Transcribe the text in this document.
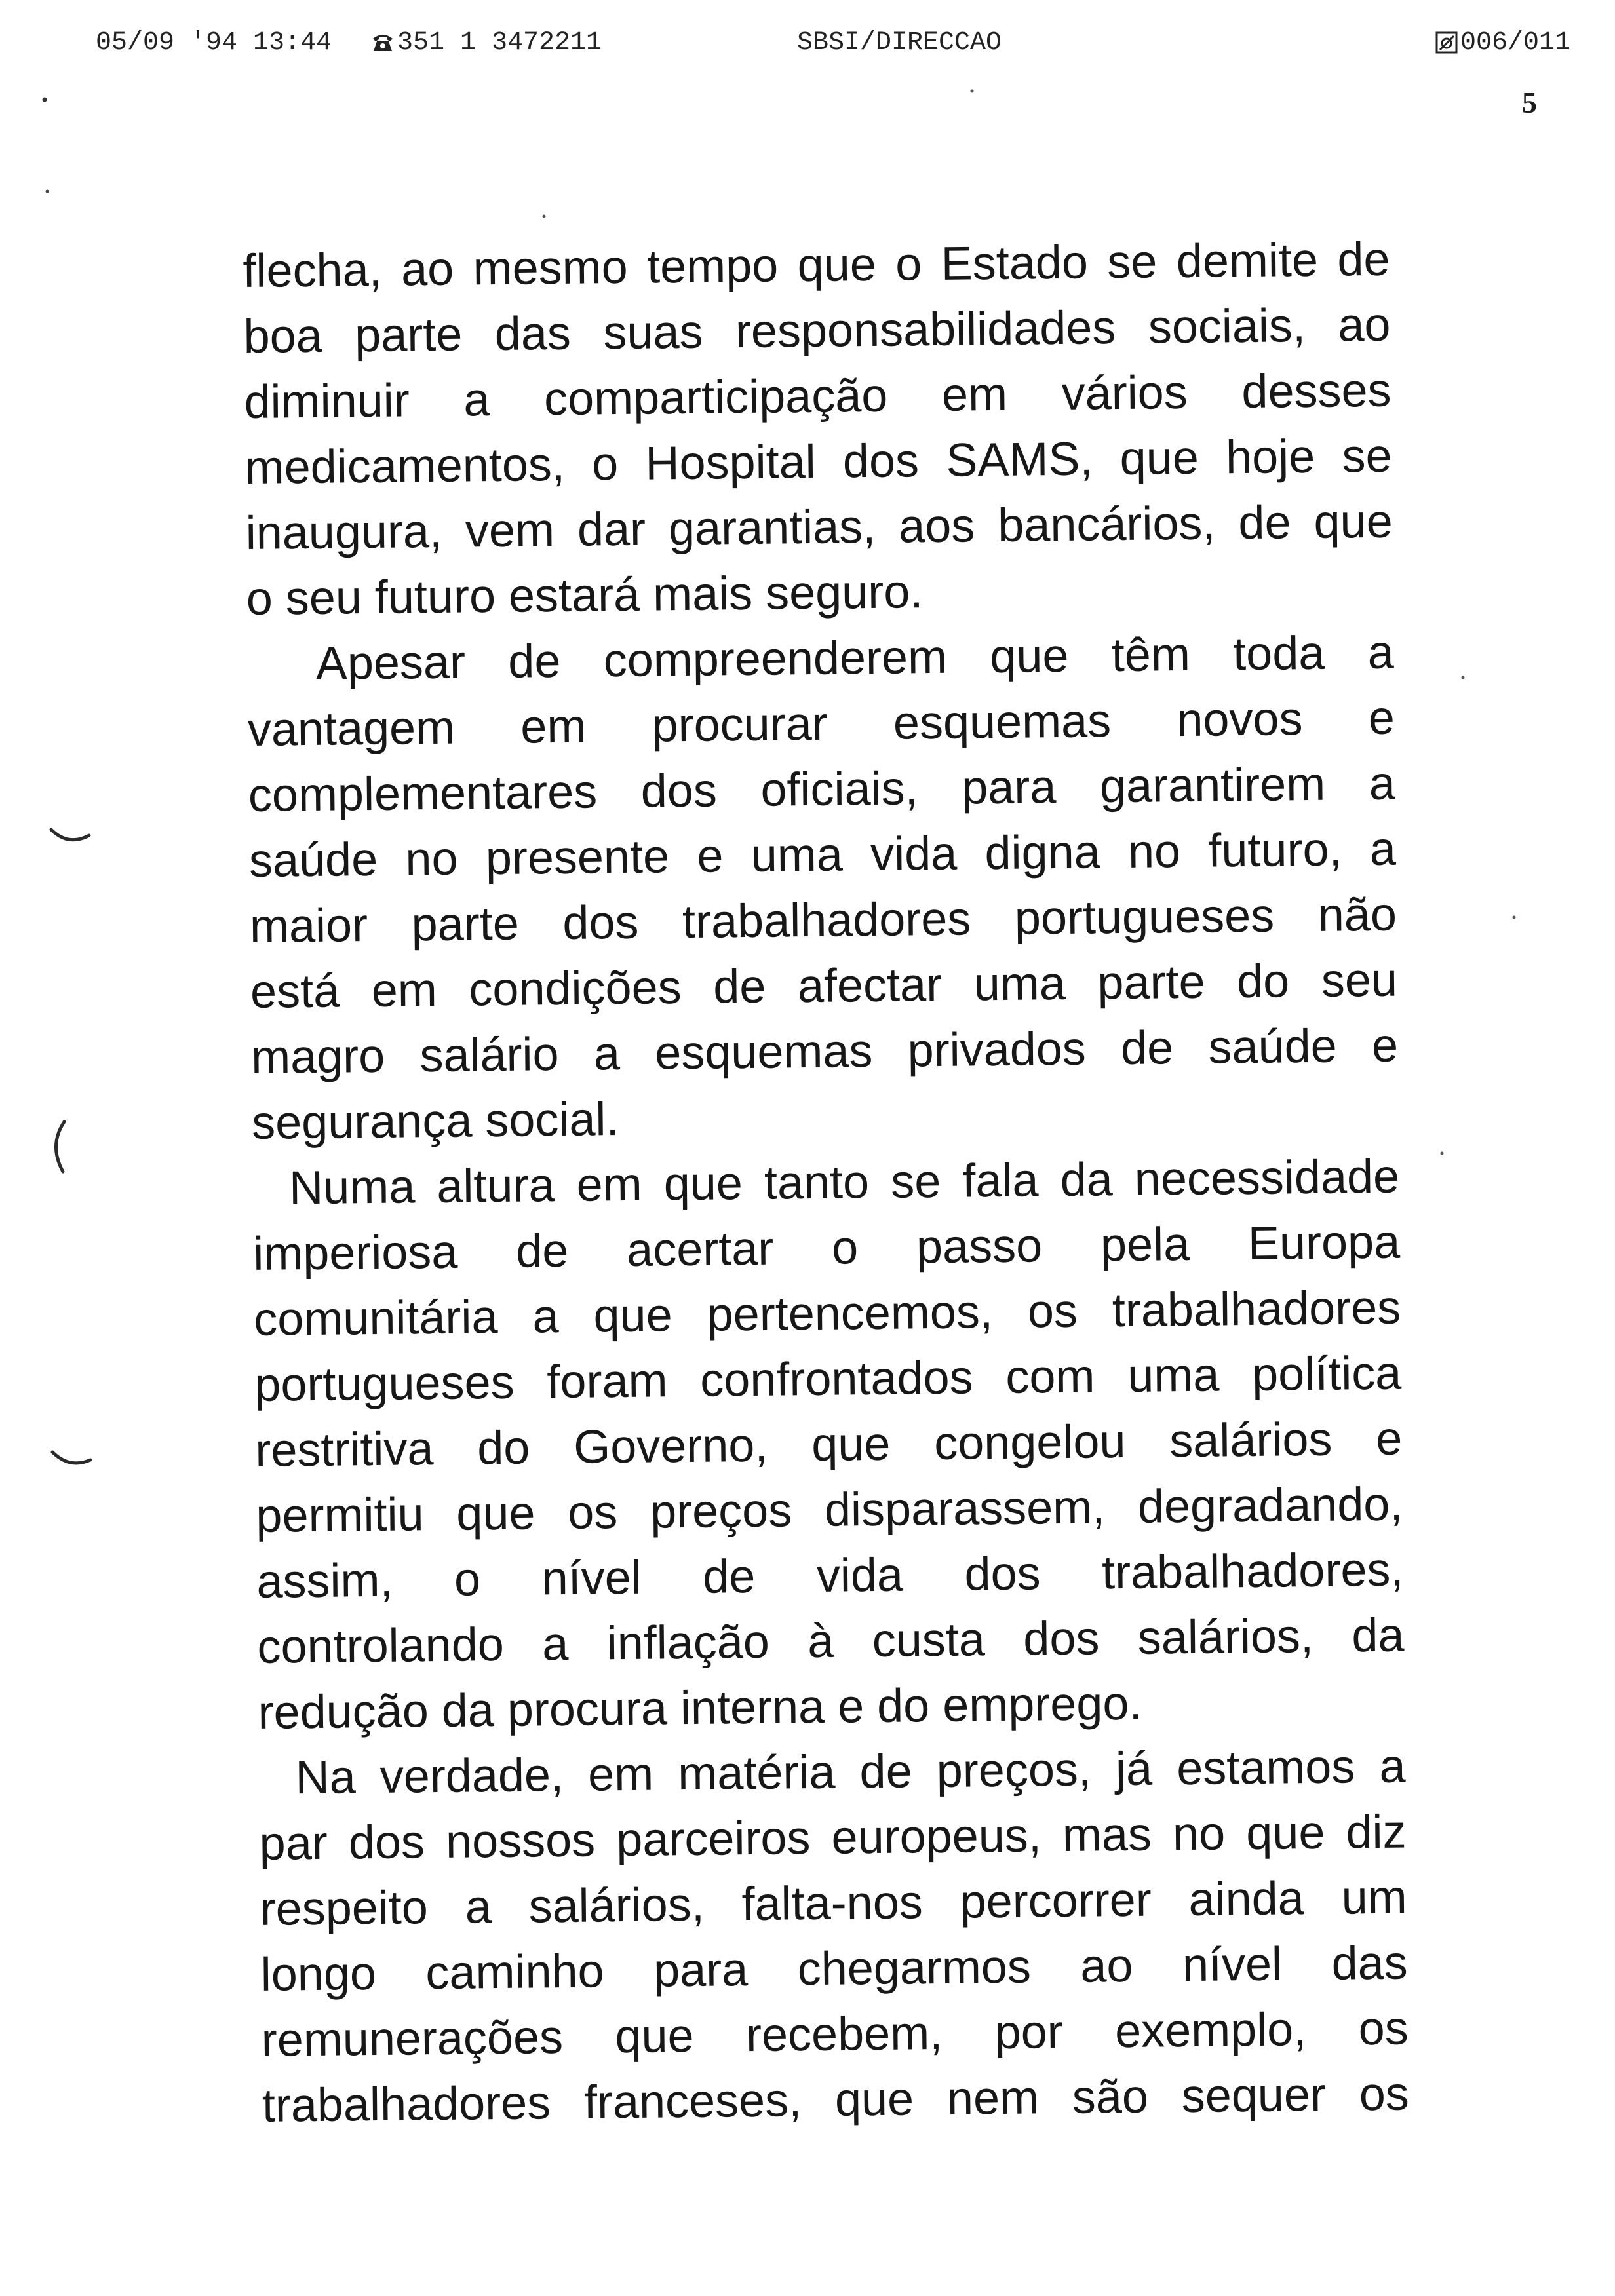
05/09 '94 13:44 351 1 3472211	SBSI/DIRECCAO	006/011
5

flecha, ao mesmo tempo que o Estado se demite de
boa parte das suas responsabilidades sociais, ao
diminuir a comparticipação em vários desses
medicamentos, o Hospital dos SAMS, que hoje se
inaugura, vem dar garantias, aos bancários, de que
o seu futuro estará mais seguro.

Apesar de compreenderem que têm toda a
vantagem em procurar esquemas novos e
complementares dos oficiais, para garantirem a
saúde no presente e uma vida digna no futuro, a
maior parte dos trabalhadores portugueses não
está em condições de afectar uma parte do seu
magro salário a esquemas privados de saúde e
segurança social.

Numa altura em que tanto se fala da necessidade
imperiosa de acertar o passo pela Europa
comunitária a que pertencemos, os trabalhadores
portugueses foram confrontados com uma política
restritiva do Governo, que congelou salários e
permitiu que os preços disparassem, degradando,
assim, o nível de vida dos trabalhadores,
controlando a inflação à custa dos salários, da
redução da procura interna e do emprego.

Na verdade, em matéria de preços, já estamos a
par dos nossos parceiros europeus, mas no que diz
respeito a salários, falta-nos percorrer ainda um
longo caminho para chegarmos ao nível das
remunerações que recebem, por exemplo, os
trabalhadores franceses, que nem são sequer os
